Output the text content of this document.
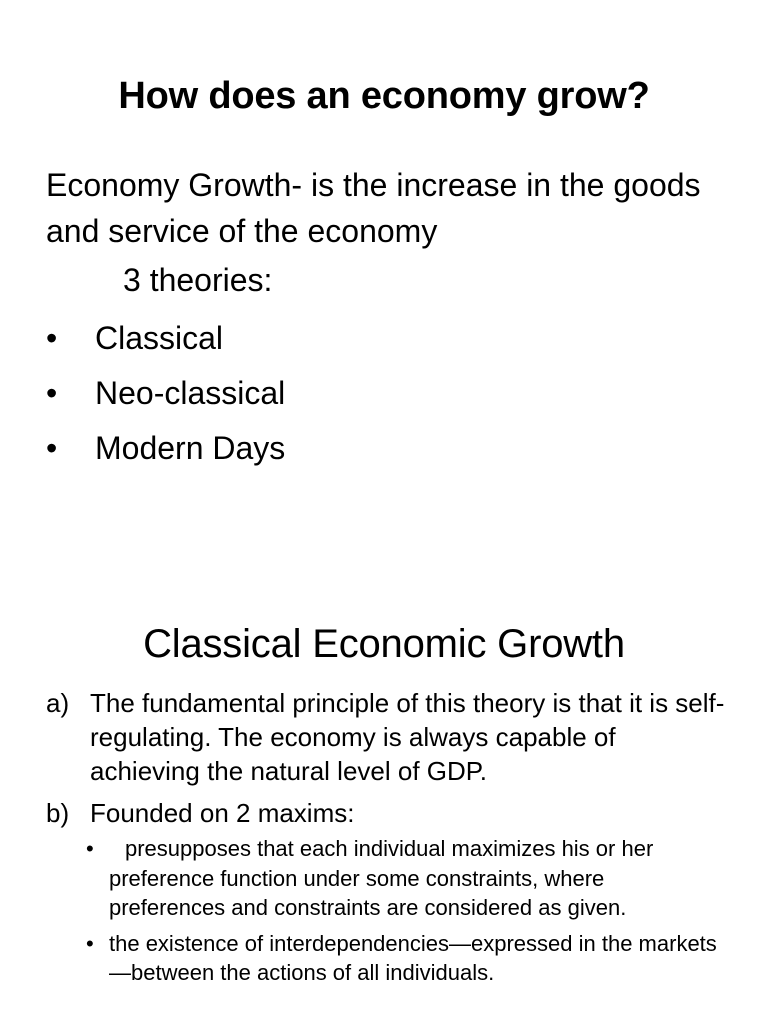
How does an economy grow?
Economy Growth- is the increase in the goods and service of the economy
3 theories:
• Classical
• Neo-classical
• Modern Days
Classical Economic Growth
a) The fundamental principle of this theory is that it is self-regulating. The economy is always capable of achieving the natural level of GDP.
b) Founded on 2 maxims:
• presupposes that each individual maximizes his or her preference function under some constraints, where preferences and constraints are considered as given.
• the existence of interdependencies—expressed in the markets—between the actions of all individuals.
